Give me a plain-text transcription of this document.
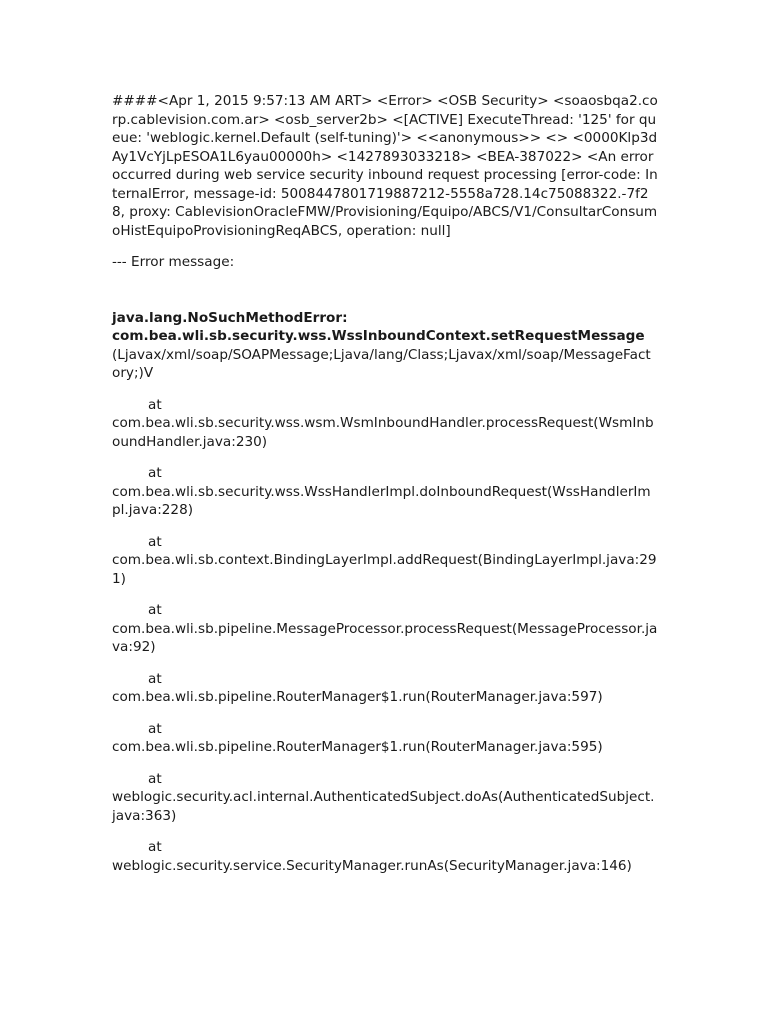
####<Apr 1, 2015 9:57:13 AM ART> <Error> <OSB Security> <soaosbqa2.corp.cablevision.com.ar> <osb_server2b> <[ACTIVE] ExecuteThread: '125' for queue: 'weblogic.kernel.Default (self-tuning)'> <<anonymous>> <> <0000Klp3dAy1VcYjLpESOA1L6yau00000h> <1427893033218> <BEA-387022> <An error occurred during web service security inbound request processing [error-code: InternalError, message-id: 5008447801719887212-5558a728.14c75088322.-7f28, proxy: CablevisionOracleFMW/Provisioning/Equipo/ABCS/V1/ConsultarConsumoHistEquipoProvisioningReqABCS, operation: null]

--- Error message:

java.lang.NoSuchMethodError:
com.bea.wli.sb.security.wss.WssInboundContext.setRequestMessage
(Ljavax/xml/soap/SOAPMessage;Ljava/lang/Class;Ljavax/xml/soap/MessageFactory;)V
at
com.bea.wli.sb.security.wss.wsm.WsmInboundHandler.processRequest(WsmInboundHandler.java:230)
at
com.bea.wli.sb.security.wss.WssHandlerImpl.doInboundRequest(WssHandlerImpl.java:228)
at
com.bea.wli.sb.context.BindingLayerImpl.addRequest(BindingLayerImpl.java:291)
at
com.bea.wli.sb.pipeline.MessageProcessor.processRequest(MessageProcessor.java:92)
at
com.bea.wli.sb.pipeline.RouterManager$1.run(RouterManager.java:597)
at
com.bea.wli.sb.pipeline.RouterManager$1.run(RouterManager.java:595)
at
weblogic.security.acl.internal.AuthenticatedSubject.doAs(AuthenticatedSubject.java:363)
at
weblogic.security.service.SecurityManager.runAs(SecurityManager.java:146)
